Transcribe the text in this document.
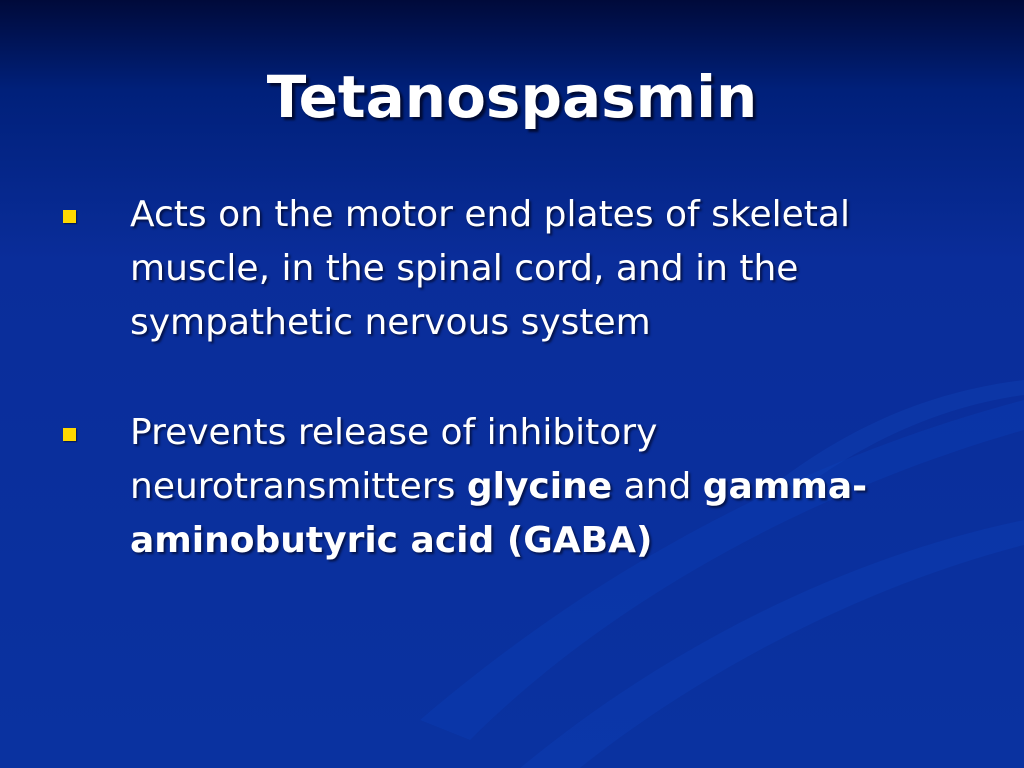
Tetanospasmin
Acts on the motor end plates of skeletal muscle, in the spinal cord, and in the sympathetic nervous system
Prevents release of inhibitory neurotransmitters glycine and gamma-aminobutyric acid (GABA)
